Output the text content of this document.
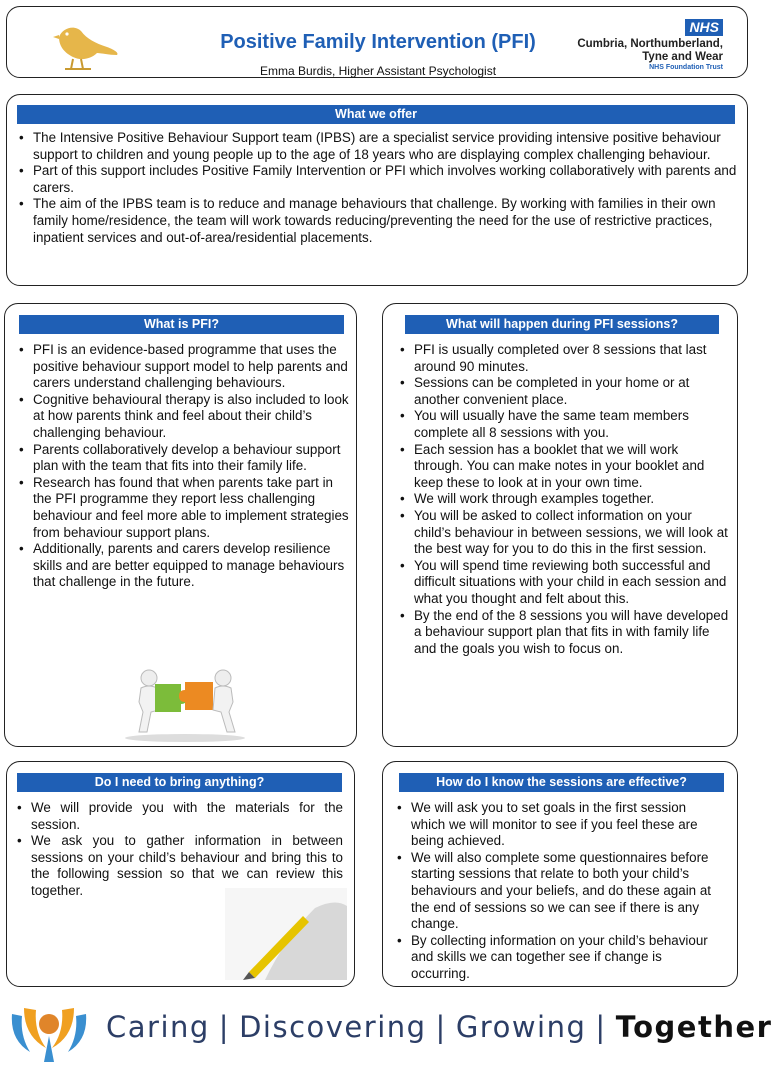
Positive Family Intervention (PFI)
Emma Burdis, Higher Assistant Psychologist
NHS
Cumbria, Northumberland,
Tyne and Wear
NHS Foundation Trust
What we offer
• The Intensive Positive Behaviour Support team (IPBS) are a specialist service providing intensive positive behaviour support to children and young people up to the age of 18 years who are displaying complex challenging behaviour.
• Part of this support includes Positive Family Intervention or PFI which involves working collaboratively with parents and carers.
• The aim of the IPBS team is to reduce and manage behaviours that challenge. By working with families in their own family home/residence, the team will work towards reducing/preventing the need for the use of restrictive practices, inpatient services and out-of-area/residential placements.
What is PFI?
• PFI is an evidence-based programme that uses the positive behaviour support model to help parents and carers understand challenging behaviours.
• Cognitive behavioural therapy is also included to look at how parents think and feel about their child’s challenging behaviour.
• Parents collaboratively develop a behaviour support plan with the team that fits into their family life.
• Research has found that when parents take part in the PFI programme they report less challenging behaviour and feel more able to implement strategies from behaviour support plans.
• Additionally, parents and carers develop resilience skills and are better equipped to manage behaviours that challenge in the future.
What will happen during PFI sessions?
• PFI is usually completed over 8 sessions that last around 90 minutes.
• Sessions can be completed in your home or at another convenient place.
• You will usually have the same team members complete all 8 sessions with you.
• Each session has a booklet that we will work through. You can make notes in your booklet and keep these to look at in your own time.
• We will work through examples together.
• You will be asked to collect information on your child’s behaviour in between sessions, we will look at the best way for you to do this in the first session.
• You will spend time reviewing both successful and difficult situations with your child in each session and what you thought and felt about this.
• By the end of the 8 sessions you will have developed a behaviour support plan that fits in with family life and the goals you wish to focus on.
Do I need to bring anything?
• We will provide you with the materials for the session.
• We ask you to gather information in between sessions on your child’s behaviour and bring this to the following session so that we can review this together.
How do I know the sessions are effective?
• We will ask you to set goals in the first session which we will monitor to see if you feel these are being achieved.
• We will also complete some questionnaires before starting sessions that relate to both your child’s behaviours and your beliefs, and do these again at the end of sessions so we can see if there is any change.
• By collecting information on your child’s behaviour and skills we can together see if change is occurring.
Caring | Discovering | Growing | Together
